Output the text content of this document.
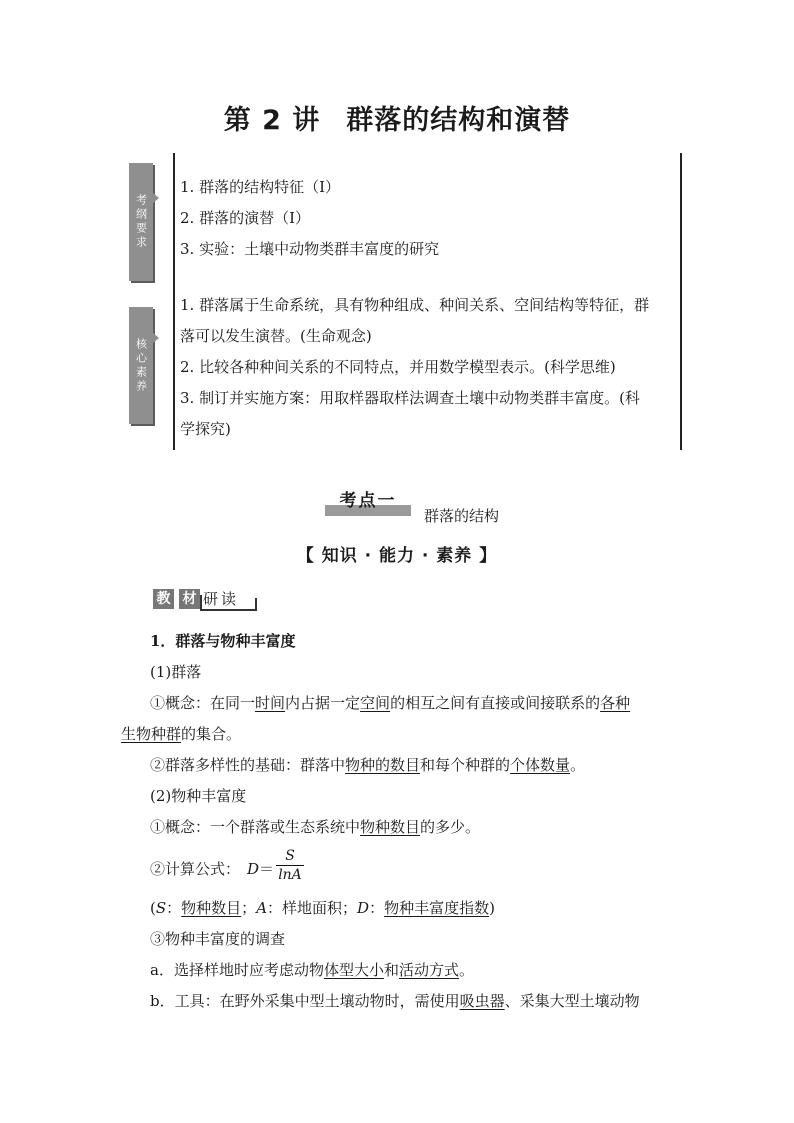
第 2 讲 群落的结构和演替
考纲要求
1. 群落的结构特征（Ⅰ）
2. 群落的演替（Ⅰ）
3. 实验：土壤中动物类群丰富度的研究
核心素养
1. 群落属于生命系统，具有物种组成、种间关系、空间结构等特征，群
落可以发生演替。(生命观念)
2. 比较各种种间关系的不同特点，并用数学模型表示。(科学思维)
3. 制订并实施方案：用取样器取样法调查土壤中动物类群丰富度。(科
学探究)
考点一
群落的结构
【 知识 · 能力 · 素养 】
教 材 研读
1．群落与物种丰富度
(1)群落
①概念：在同一时间内占据一定空间的相互之间有直接或间接联系的各种
生物种群的集合。
②群落多样性的基础：群落中物种的数目和每个种群的个体数量。
(2)物种丰富度
①概念：一个群落或生态系统中物种数目的多少。
②计算公式： $D= \frac{S}{\ln A}$
(S：物种数目；A：样地面积；D：物种丰富度指数)
③物种丰富度的调查
a．选择样地时应考虑动物体型大小和活动方式。
b．工具：在野外采集中型土壤动物时，需使用吸虫器、采集大型土壤动物
